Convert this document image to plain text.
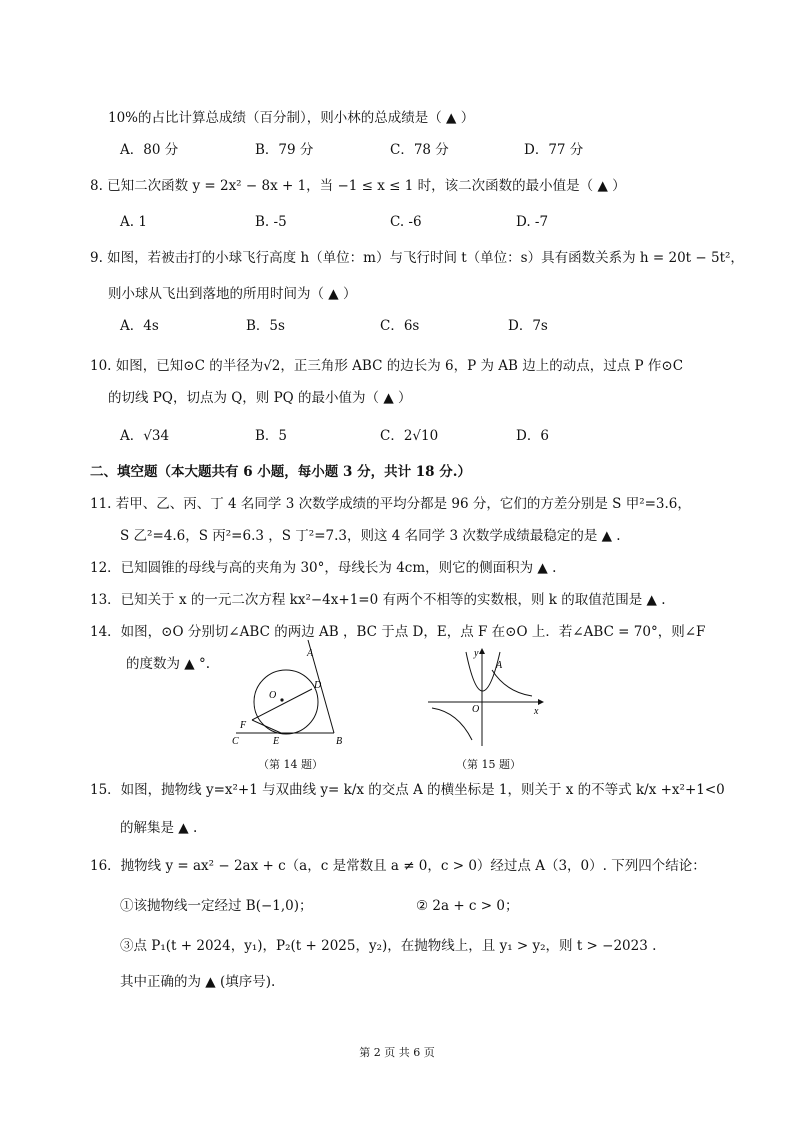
10%的占比计算总成绩（百分制），则小林的总成绩是（ ▲ ）
A．80 分	B．79 分	C．78 分	D．77 分
8. 已知二次函数 y = 2x² − 8x + 1，当 −1 ≤ x ≤ 1 时，该二次函数的最小值是（ ▲ ）
A. 1	B. -5	C. -6	D. -7
9. 如图，若被击打的小球飞行高度 h（单位：m）与飞行时间 t（单位：s）具有函数关系为 h = 20t − 5t²，
则小球从飞出到落地的所用时间为（ ▲ ）
A．4s	B．5s	C．6s	D．7s
10. 如图，已知⊙C 的半径为√2，正三角形 ABC 的边长为 6，P 为 AB 边上的动点，过点 P 作⊙C
的切线 PQ，切点为 Q，则 PQ 的最小值为（ ▲ ）
A．√34	B．5	C．2√10	D．6
二、填空题（本大题共有 6 小题，每小题 3 分，共计 18 分.）
11. 若甲、乙、丙、丁 4 名同学 3 次数学成绩的平均分都是 96 分，它们的方差分别是 S 甲²=3.6，
S 乙²=4.6，S 丙²=6.3 ，S 丁²=7.3，则这 4 名同学 3 次数学成绩最稳定的是 ▲ .
12．已知圆锥的母线与高的夹角为 30°，母线长为 4cm，则它的侧面积为 ▲ .
13．已知关于 x 的一元二次方程 kx²−4x+1=0 有两个不相等的实数根，则 k 的取值范围是 ▲ .
14．如图，⊙O 分别切∠ABC 的两边 AB ，BC 于点 D，E，点 F 在⊙O 上．若∠ABC = 70°，则∠F
的度数为 ▲ °.
A
B
C
D
E
F
O
（第 14 题）
y
x
O
A
（第 15 题）
15．如图，抛物线 y=x²+1 与双曲线 y= k/x 的交点 A 的横坐标是 1，则关于 x 的不等式 k/x +x²+1<0
的解集是 ▲ .
16．抛物线 y = ax² − 2ax + c（a，c 是常数且 a ≠ 0，c > 0）经过点 A（3，0）. 下列四个结论：
①该抛物线一定经过 B(−1,0)；	② 2a + c > 0；
③点 P₁(t + 2024，y₁)，P₂(t + 2025，y₂)，在抛物线上，且 y₁ > y₂，则 t > −2023 .
其中正确的为 ▲ (填序号).
第 2 页 共 6 页
